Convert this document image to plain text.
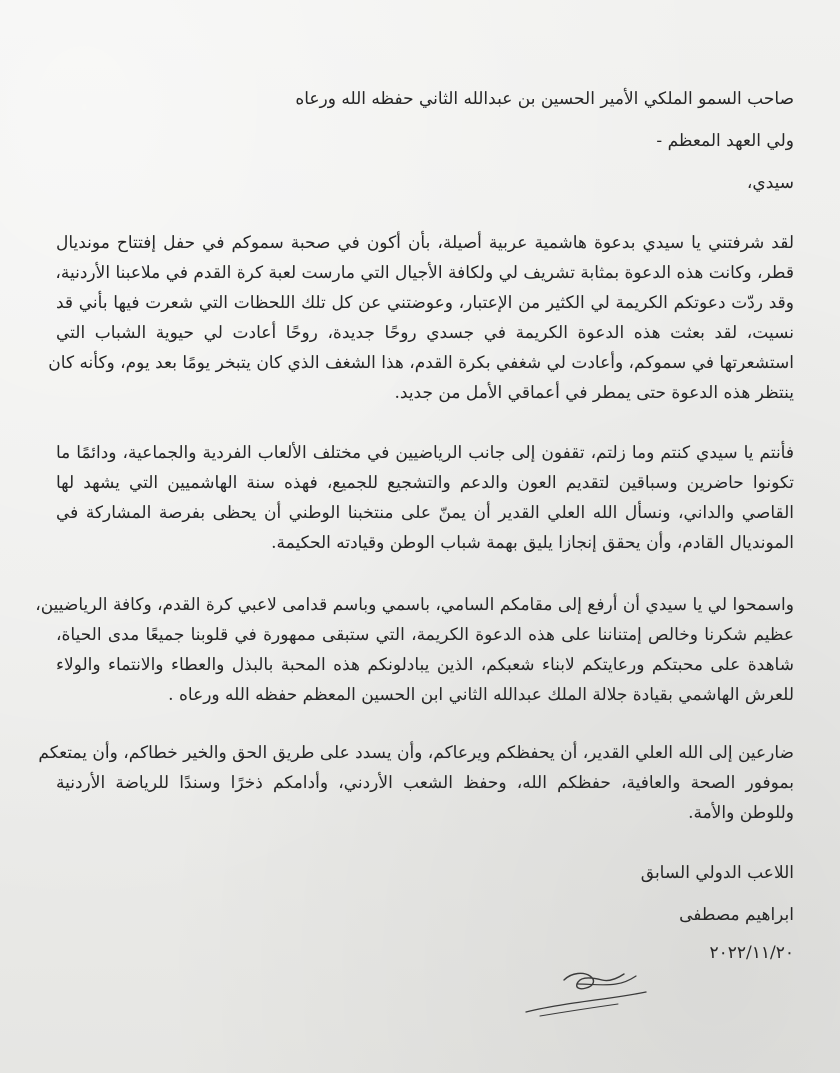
صاحب السمو الملكي الأمير الحسين بن عبدالله الثاني حفظه الله ورعاه
ولي العهد المعظم -
سيدي،
لقد شرفتني يا سيدي بدعوة هاشمية عربية أصيلة، بأن أكون في صحبة سموكم في حفل إفتتاح مونديال
قطر، وكانت هذه الدعوة بمثابة تشريف لي ولكافة الأجيال التي مارست لعبة كرة القدم في ملاعبنا الأردنية،
وقد ردّت دعوتكم الكريمة لي الكثير من الإعتبار، وعوضتني عن كل تلك اللحظات التي شعرت فيها بأني قد
نسيت، لقد بعثت هذه الدعوة الكريمة في جسدي روحًا جديدة، روحًا أعادت لي حيوية الشباب التي
استشعرتها في سموكم، وأعادت لي شغفي بكرة القدم، هذا الشغف الذي كان يتبخر يومًا بعد يوم، وكأنه كان
ينتظر هذه الدعوة حتى يمطر في أعماقي الأمل من جديد.
فأنتم يا سيدي كنتم وما زلتم، تقفون إلى جانب الرياضيين في مختلف الألعاب الفردية والجماعية، ودائمًا ما
تكونوا حاضرين وسباقين لتقديم العون والدعم والتشجيع للجميع، فهذه سنة الهاشميين التي يشهد لها
القاصي والداني، ونسأل الله العلي القدير أن يمنّ على منتخبنا الوطني أن يحظى بفرصة المشاركة في
المونديال القادم، وأن يحقق إنجازا يليق بهمة شباب الوطن وقيادته الحكيمة.
واسمحوا لي يا سيدي أن أرفع إلى مقامكم السامي، باسمي وباسم قدامى لاعبي كرة القدم، وكافة الرياضيين،
عظيم شكرنا وخالص إمتناننا على هذه الدعوة الكريمة، التي ستبقى ممهورة في قلوبنا جميعًا مدى الحياة،
شاهدة على محبتكم ورعايتكم لابناء شعبكم، الذين يبادلونكم هذه المحبة بالبذل والعطاء والانتماء والولاء
للعرش الهاشمي بقيادة جلالة الملك عبدالله الثاني ابن الحسين المعظم حفظه الله ورعاه .
ضارعين إلى الله العلي القدير، أن يحفظكم ويرعاكم، وأن يسدد على طريق الحق والخير خطاكم، وأن يمتعكم
بموفور الصحة والعافية، حفظكم الله، وحفظ الشعب الأردني، وأدامكم ذخرًا وسندًا للرياضة الأردنية
وللوطن والأمة.
اللاعب الدولي السابق
ابراهيم مصطفى
٢٠٢٢/١١/٢٠
